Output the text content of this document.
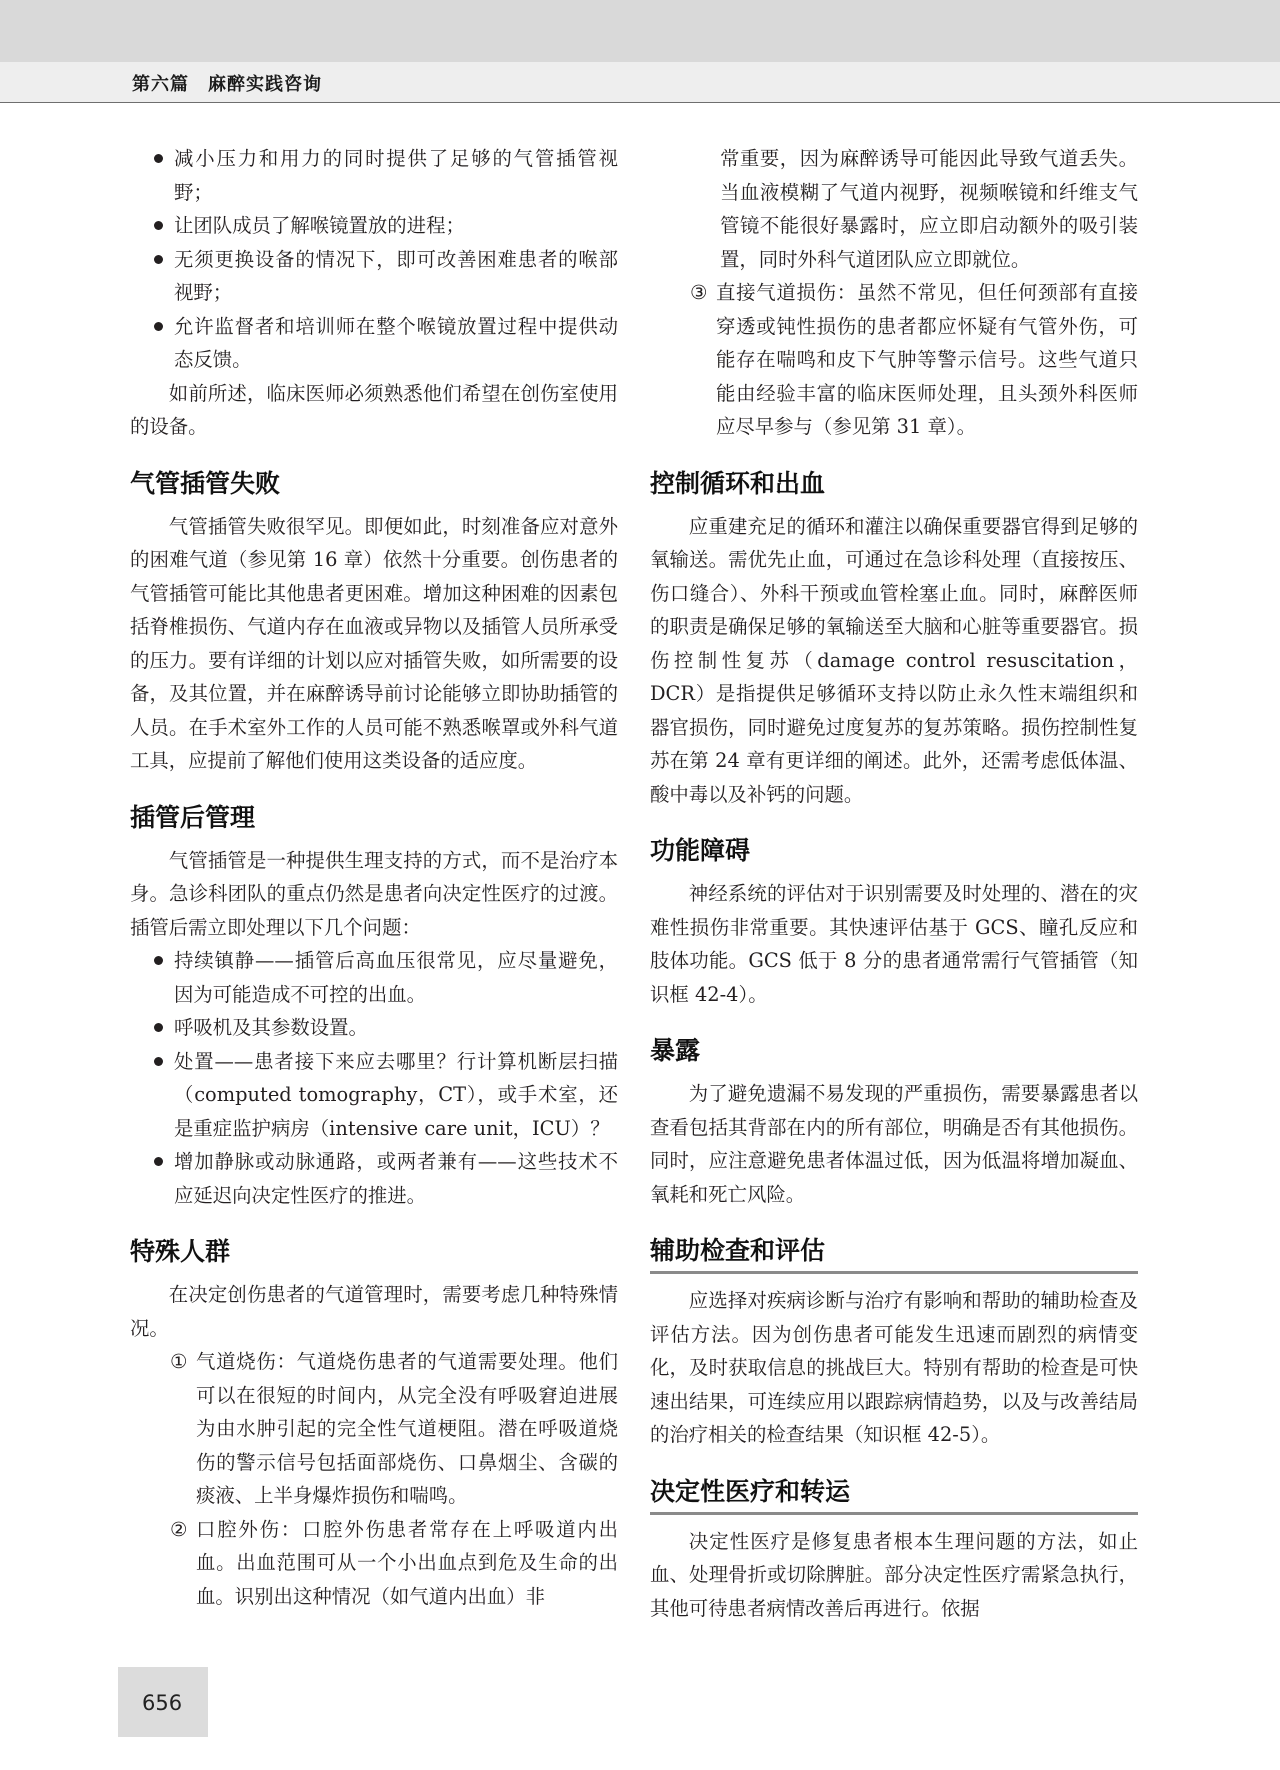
第六篇　麻醉实践咨询
减小压力和用力的同时提供了足够的气管插管视野；
让团队成员了解喉镜置放的进程；
无须更换设备的情况下，即可改善困难患者的喉部视野；
允许监督者和培训师在整个喉镜放置过程中提供动态反馈。

如前所述，临床医师必须熟悉他们希望在创伤室使用的设备。

气管插管失败

气管插管失败很罕见。即便如此，时刻准备应对意外的困难气道（参见第 16 章）依然十分重要。创伤患者的气管插管可能比其他患者更困难。增加这种困难的因素包括脊椎损伤、气道内存在血液或异物以及插管人员所承受的压力。要有详细的计划以应对插管失败，如所需要的设备，及其位置，并在麻醉诱导前讨论能够立即协助插管的人员。在手术室外工作的人员可能不熟悉喉罩或外科气道工具，应提前了解他们使用这类设备的适应度。

插管后管理

气管插管是一种提供生理支持的方式，而不是治疗本身。急诊科团队的重点仍然是患者向决定性医疗的过渡。插管后需立即处理以下几个问题：

持续镇静——插管后高血压很常见，应尽量避免，因为可能造成不可控的出血。
呼吸机及其参数设置。
处置——患者接下来应去哪里？行计算机断层扫描（computed tomography，CT），或手术室，还是重症监护病房（intensive care unit，ICU）？
增加静脉或动脉通路，或两者兼有——这些技术不应延迟向决定性医疗的推进。
特殊人群

在决定创伤患者的气道管理时，需要考虑几种特殊情况。

① 气道烧伤：气道烧伤患者的气道需要处理。他们可以在很短的时间内，从完全没有呼吸窘迫进展为由水肿引起的完全性气道梗阻。潜在呼吸道烧伤的警示信号包括面部烧伤、口鼻烟尘、含碳的痰液、上半身爆炸损伤和喘鸣。
② 口腔外伤：口腔外伤患者常存在上呼吸道内出血。出血范围可从一个小出血点到危及生命的出血。识别出这种情况（如气道内出血）非

常重要，因为麻醉诱导可能因此导致气道丢失。当血液模糊了气道内视野，视频喉镜和纤维支气管镜不能很好暴露时，应立即启动额外的吸引装置，同时外科气道团队应立即就位。

③ 直接气道损伤：虽然不常见，但任何颈部有直接穿透或钝性损伤的患者都应怀疑有气管外伤，可能存在喘鸣和皮下气肿等警示信号。这些气道只能由经验丰富的临床医师处理，且头颈外科医师应尽早参与（参见第 31 章）。
控制循环和出血

应重建充足的循环和灌注以确保重要器官得到足够的氧输送。需优先止血，可通过在急诊科处理（直接按压、伤口缝合）、外科干预或血管栓塞止血。同时，麻醉医师的职责是确保足够的氧输送至大脑和心脏等重要器官。损伤控制性复苏（damage control resuscitation，DCR）是指提供足够循环支持以防止永久性末端组织和器官损伤，同时避免过度复苏的复苏策略。损伤控制性复苏在第 24 章有更详细的阐述。此外，还需考虑低体温、酸中毒以及补钙的问题。

功能障碍

神经系统的评估对于识别需要及时处理的、潜在的灾难性损伤非常重要。其快速评估基于 GCS、瞳孔反应和肢体功能。GCS 低于 8 分的患者通常需行气管插管（知识框 42-4）。

暴露

为了避免遗漏不易发现的严重损伤，需要暴露患者以查看包括其背部在内的所有部位，明确是否有其他损伤。同时，应注意避免患者体温过低，因为低温将增加凝血、氧耗和死亡风险。

辅助检查和评估

应选择对疾病诊断与治疗有影响和帮助的辅助检查及评估方法。因为创伤患者可能发生迅速而剧烈的病情变化，及时获取信息的挑战巨大。特别有帮助的检查是可快速出结果，可连续应用以跟踪病情趋势，以及与改善结局的治疗相关的检查结果（知识框 42-5）。

决定性医疗和转运

决定性医疗是修复患者根本生理问题的方法，如止血、处理骨折或切除脾脏。部分决定性医疗需紧急执行，其他可待患者病情改善后再进行。依据

656
